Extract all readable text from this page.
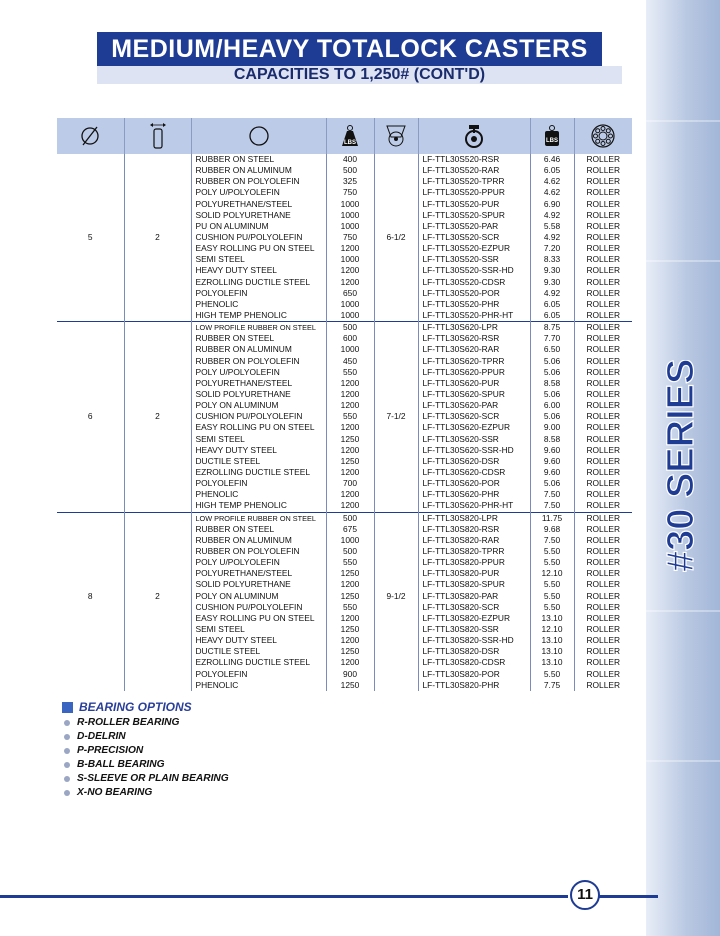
#30 SERIES
MEDIUM/HEAVY TOTALOCK CASTERS
CAPACITIES TO 1,250# (CONT'D)

LBS			LBS

		RUBBER ON STEEL	400		LF-TTL30S520-RSR	6.46	ROLLER
		RUBBER ON ALUMINUM	500		LF-TTL30S520-RAR	6.05	ROLLER
		RUBBER ON POLYOLEFIN	325		LF-TTL30S520-TPRR	4.62	ROLLER
		POLY U/POLYOLEFIN	750		LF-TTL30S520-PPUR	4.62	ROLLER
		POLYURETHANE/STEEL	1000		LF-TTL30S520-PUR	6.90	ROLLER
		SOLID POLYURETHANE	1000		LF-TTL30S520-SPUR	4.92	ROLLER
		PU ON ALUMINUM	1000		LF-TTL30S520-PAR	5.58	ROLLER
5	2	CUSHION PU/POLYOLEFIN	750	6-1/2	LF-TTL30S520-SCR	4.92	ROLLER
		EASY ROLLING PU ON STEEL	1200		LF-TTL30S520-EZPUR	7.20	ROLLER
		SEMI STEEL	1000		LF-TTL30S520-SSR	8.33	ROLLER
		HEAVY DUTY STEEL	1200		LF-TTL30S520-SSR-HD	9.30	ROLLER
		EZROLLING DUCTILE STEEL	1200		LF-TTL30S520-CDSR	9.30	ROLLER
		POLYOLEFIN	650		LF-TTL30S520-POR	4.92	ROLLER
		PHENOLIC	1000		LF-TTL30S520-PHR	6.05	ROLLER
		HIGH TEMP PHENOLIC	1000		LF-TTL30S520-PHR-HT	6.05	ROLLER
		LOW PROFILE RUBBER ON STEEL	500		LF-TTL30S620-LPR	8.75	ROLLER
		RUBBER ON STEEL	600		LF-TTL30S620-RSR	7.70	ROLLER
		RUBBER ON ALUMINUM	1000		LF-TTL30S620-RAR	6.50	ROLLER
		RUBBER ON POLYOLEFIN	450		LF-TTL30S620-TPRR	5.06	ROLLER
		POLY U/POLYOLEFIN	550		LF-TTL30S620-PPUR	5.06	ROLLER
		POLYURETHANE/STEEL	1200		LF-TTL30S620-PUR	8.58	ROLLER
		SOLID POLYURETHANE	1200		LF-TTL30S620-SPUR	5.06	ROLLER
		POLY ON ALUMINUM	1200		LF-TTL30S620-PAR	6.00	ROLLER
6	2	CUSHION PU/POLYOLEFIN	550	7-1/2	LF-TTL30S620-SCR	5.06	ROLLER
		EASY ROLLING PU ON STEEL	1200		LF-TTL30S620-EZPUR	9.00	ROLLER
		SEMI STEEL	1250		LF-TTL30S620-SSR	8.58	ROLLER
		HEAVY DUTY STEEL	1200		LF-TTL30S620-SSR-HD	9.60	ROLLER
		DUCTILE STEEL	1250		LF-TTL30S620-DSR	9.60	ROLLER
		EZROLLING DUCTILE STEEL	1200		LF-TTL30S620-CDSR	9.60	ROLLER
		POLYOLEFIN	700		LF-TTL30S620-POR	5.06	ROLLER
		PHENOLIC	1200		LF-TTL30S620-PHR	7.50	ROLLER
		HIGH TEMP PHENOLIC	1200		LF-TTL30S620-PHR-HT	7.50	ROLLER
		LOW PROFILE RUBBER ON STEEL	500		LF-TTL30S820-LPR	11.75	ROLLER
		RUBBER ON STEEL	675		LF-TTL30S820-RSR	9.68	ROLLER
		RUBBER ON ALUMINUM	1000		LF-TTL30S820-RAR	7.50	ROLLER
		RUBBER ON POLYOLEFIN	500		LF-TTL30S820-TPRR	5.50	ROLLER
		POLY U/POLYOLEFIN	550		LF-TTL30S820-PPUR	5.50	ROLLER
		POLYURETHANE/STEEL	1250		LF-TTL30S820-PUR	12.10	ROLLER
		SOLID POLYURETHANE	1200		LF-TTL30S820-SPUR	5.50	ROLLER
8	2	POLY ON ALUMINUM	1250	9-1/2	LF-TTL30S820-PAR	5.50	ROLLER
		CUSHION PU/POLYOLEFIN	550		LF-TTL30S820-SCR	5.50	ROLLER
		EASY ROLLING PU ON STEEL	1200		LF-TTL30S820-EZPUR	13.10	ROLLER
		SEMI STEEL	1250		LF-TTL30S820-SSR	12.10	ROLLER
		HEAVY DUTY STEEL	1200		LF-TTL30S820-SSR-HD	13.10	ROLLER
		DUCTILE STEEL	1250		LF-TTL30S820-DSR	13.10	ROLLER
		EZROLLING DUCTILE STEEL	1200		LF-TTL30S820-CDSR	13.10	ROLLER
		POLYOLEFIN	900		LF-TTL30S820-POR	5.50	ROLLER
		PHENOLIC	1250		LF-TTL30S820-PHR	7.75	ROLLER
BEARING OPTIONS
R-ROLLER BEARING
D-DELRIN
P-PRECISION
B-BALL BEARING
S-SLEEVE OR PLAIN BEARING
X-NO BEARING
11
